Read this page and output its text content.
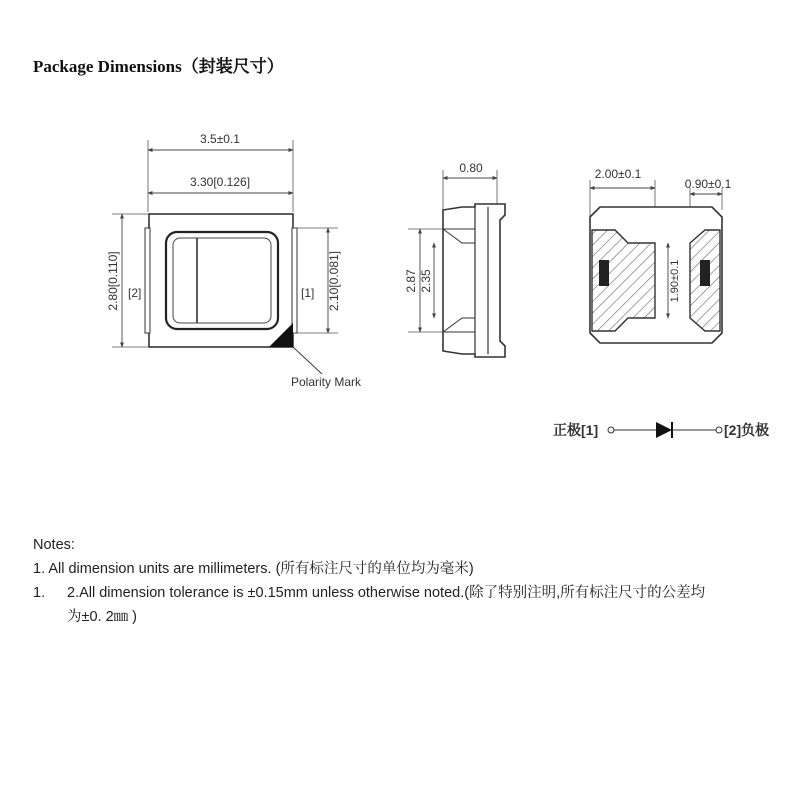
Package Dimensions（封装尺寸）
3.5±0.1
3.30[0.126]
Polarity Mark
2.80[0.110] [2]	2.10[0.081]
[1]
0.80
2.87 2.35
2.00±0.1
0.90±0.1
1.90±0.1
正极[1]	[2]负极
Notes:
1. All dimension units are millimeters. (所有标注尺寸的单位均为毫米)
1. 2.All dimension tolerance is ±0.15mm unless otherwise noted.(除了特别注明,所有标注尺寸的公差均
为±0. 2㎜ )
